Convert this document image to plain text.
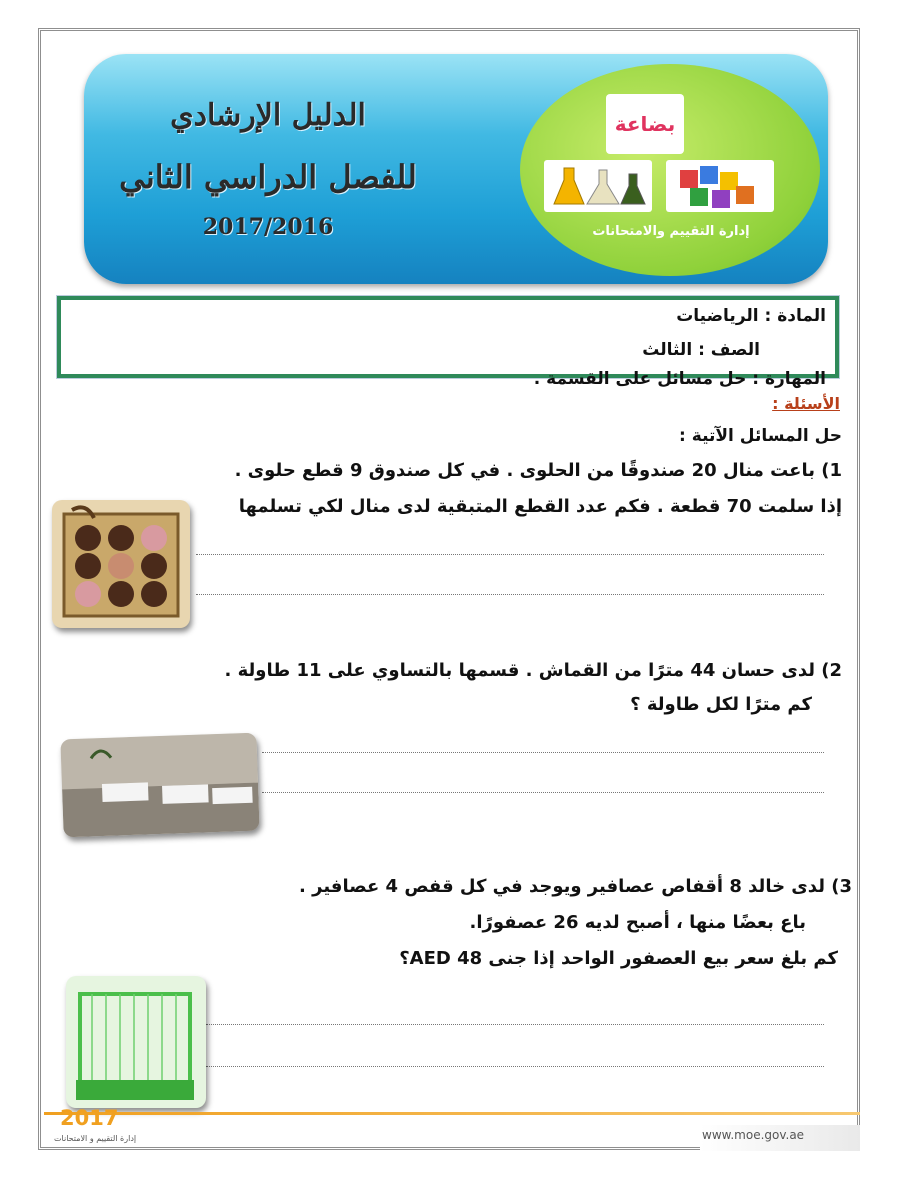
الدليل الإرشادي
للفصل الدراسي الثاني
2017/2016
بضاعة
إدارة التقييم والامتحانات
المادة : الرياضيات
الصف : الثالث
المهارة : حل مسائل على القسمة .
الأسئلة :
حل المسائل الآتية :
1) باعت منال 20 صندوقًا من الحلوى . في كل صندوق 9 قطع حلوى .
إذا سلمت 70 قطعة . فكم عدد القطع المتبقية لدى منال لكي تسلمها
2) لدى حسان 44 مترًا من القماش . قسمها بالتساوي على 11 طاولة .
كم مترًا لكل طاولة ؟
3) لدى خالد 8 أقفاص عصافير ويوجد في كل قفص 4 عصافير .
باع بعضًا منها ، أصبح لديه 26 عصفورًا.
كم بلغ سعر بيع العصفور الواحد إذا جنى AED 48؟
2017
إدارة التقييم و الامتحانات	www.moe.gov.ae
